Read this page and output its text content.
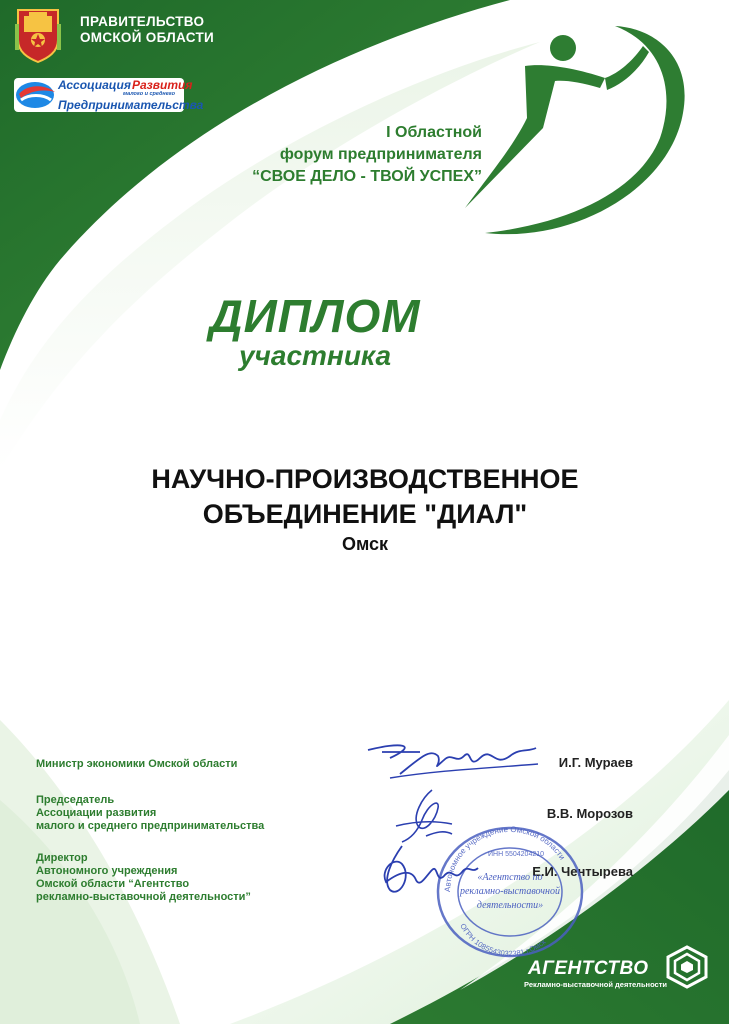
ПРАВИТЕЛЬСТВО
ОМСКОЙ ОБЛАСТИ
Ассоциация Развития
малого и среднего
Предпринимательства
I Областной
форум предпринимателя
“СВОЕ ДЕЛО - ТВОЙ УСПЕХ”
ДИПЛОМ
участника
НАУЧНО-ПРОИЗВОДСТВЕННОЕ
ОБЪЕДИНЕНИЕ "ДИАЛ"
Омск
Министр экономики Омской области	И.Г. Мураев
Председатель
Ассоциации развития
малого и среднего предпринимательства
В.В. Морозов
Директор
Автономного учреждения
Омской области “Агентство
рекламно-выставочной деятельности”
Е.И. Чентырева
Автономное учреждение Омской области
ИНН 5504204210
«Агентство по
рекламно-выставочной
деятельности»
ОГРН 1085543032381 г.Омск
АГЕНТСТВО
Рекламно-выставочной деятельности
